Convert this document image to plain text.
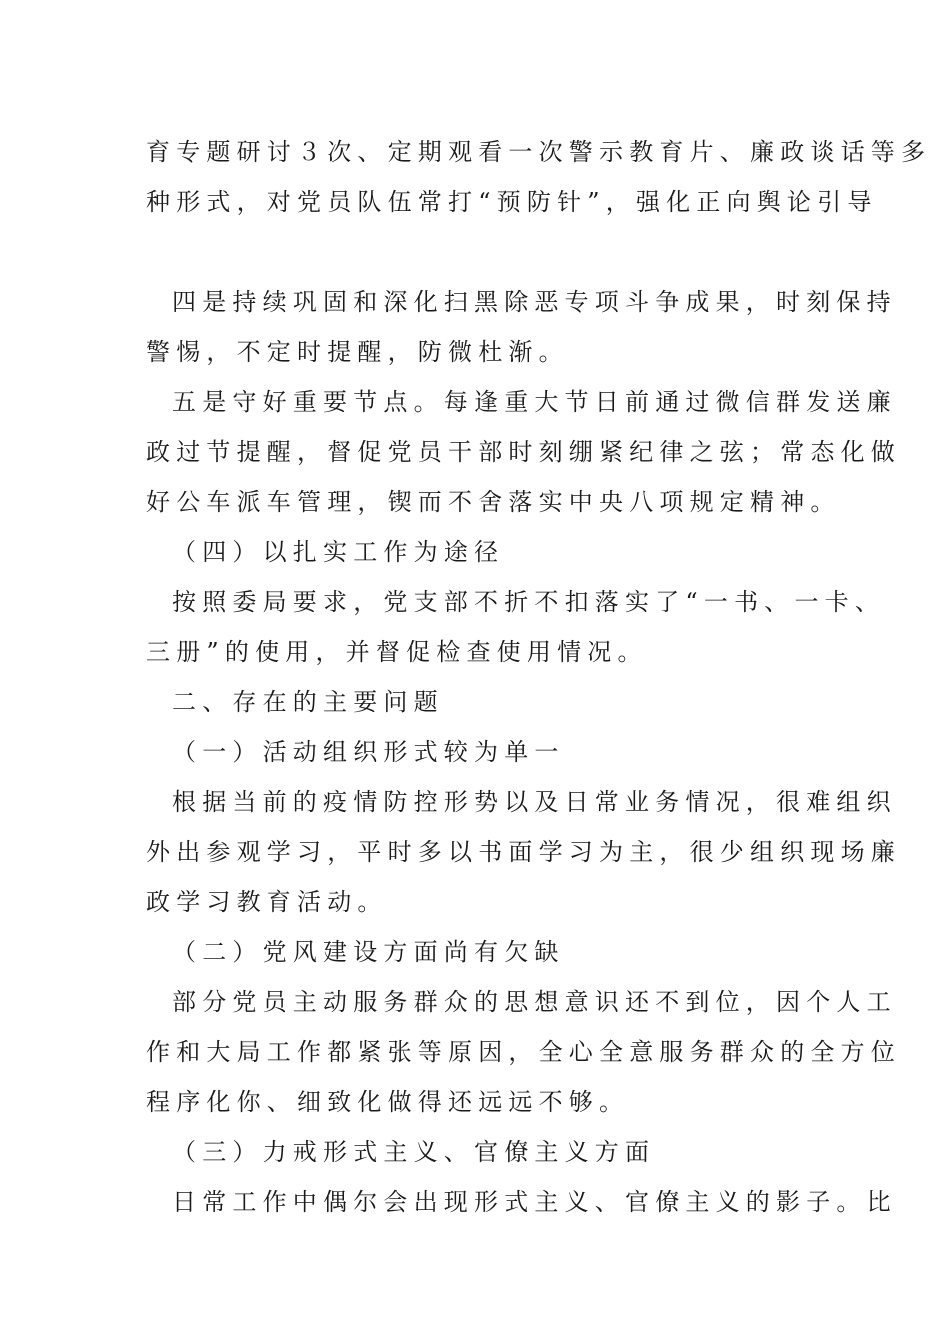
育专题研讨３次、定期观看一次警示教育片、廉政谈话等多
种形式，对党员队伍常打“预防针”，强化正向舆论引导
四是持续巩固和深化扫黑除恶专项斗争成果，时刻保持
警惕，不定时提醒，防微杜渐。
五是守好重要节点。每逢重大节日前通过微信群发送廉
政过节提醒，督促党员干部时刻绷紧纪律之弦；常态化做
好公车派车管理，锲而不舍落实中央八项规定精神。
（四）以扎实工作为途径
按照委局要求，党支部不折不扣落实了“一书、一卡、
三册”的使用，并督促检查使用情况。
二、存在的主要问题
（一）活动组织形式较为单一
根据当前的疫情防控形势以及日常业务情况，很难组织
外出参观学习，平时多以书面学习为主，很少组织现场廉
政学习教育活动。
（二）党风建设方面尚有欠缺
部分党员主动服务群众的思想意识还不到位，因个人工
作和大局工作都紧张等原因，全心全意服务群众的全方位
程序化你、细致化做得还远远不够。
（三）力戒形式主义、官僚主义方面
日常工作中偶尔会出现形式主义、官僚主义的影子。比
